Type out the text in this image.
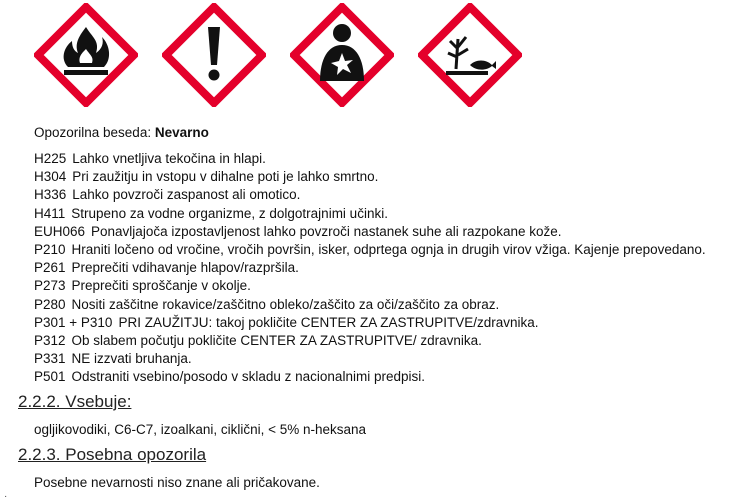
Opozorilna beseda: Nevarno
H225 Lahko vnetljiva tekočina in hlapi.
H304 Pri zaužitju in vstopu v dihalne poti je lahko smrtno.
H336 Lahko povzroči zaspanost ali omotico.
H411 Strupeno za vodne organizme, z dolgotrajnimi učinki.
EUH066 Ponavljajoča izpostavljenost lahko povzroči nastanek suhe ali razpokane kože.
P210 Hraniti ločeno od vročine, vročih površin, isker, odprtega ognja in drugih virov vžiga. Kajenje prepovedano.
P261 Preprečiti vdihavanje hlapov/razpršila.
P273 Preprečiti sproščanje v okolje.
P280 Nositi zaščitne rokavice/zaščitno obleko/zaščito za oči/zaščito za obraz.
P301 + P310 PRI ZAUŽITJU: takoj pokličite CENTER ZA ZASTRUPITVE/zdravnika.
P312 Ob slabem počutju pokličite CENTER ZA ZASTRUPITVE/ zdravnika.
P331 NE izzvati bruhanja.
P501 Odstraniti vsebino/posodo v skladu z nacionalnimi predpisi.
2.2.2. Vsebuje:
ogljikovodiki, C6-C7, izoalkani, ciklični, < 5% n-heksana
2.2.3. Posebna opozorila
Posebne nevarnosti niso znane ali pričakovane.
·
